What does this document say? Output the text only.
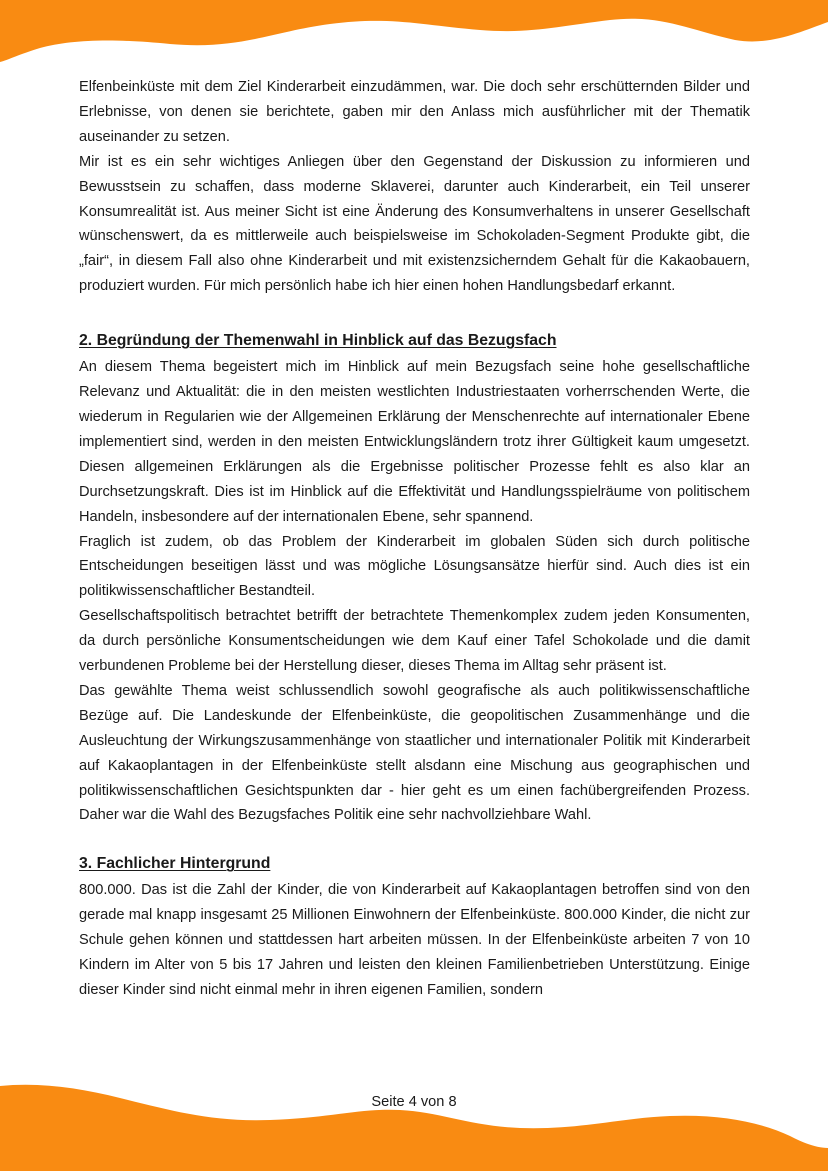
Elfenbeinküste mit dem Ziel Kinderarbeit einzudämmen, war. Die doch sehr erschütternden Bilder und Erlebnisse, von denen sie berichtete, gaben mir den Anlass mich ausführlicher mit der Thematik auseinander zu setzen.

Mir ist es ein sehr wichtiges Anliegen über den Gegenstand der Diskussion zu informieren und Bewusstsein zu schaffen, dass moderne Sklaverei, darunter auch Kinderarbeit, ein Teil unserer Konsumrealität ist. Aus meiner Sicht ist eine Änderung des Konsumverhaltens in unserer Gesellschaft wünschenswert, da es mittlerweile auch beispielsweise im Schokoladen-Segment Produkte gibt, die „fair“, in diesem Fall also ohne Kinderarbeit und mit existenzsicherndem Gehalt für die Kakaobauern, produziert wurden. Für mich persönlich habe ich hier einen hohen Handlungsbedarf erkannt.

2. Begründung der Themenwahl in Hinblick auf das Bezugsfach

An diesem Thema begeistert mich im Hinblick auf mein Bezugsfach seine hohe gesellschaftliche Relevanz und Aktualität: die in den meisten westlichten Industriestaaten vorherrschenden Werte, die wiederum in Regularien wie der Allgemeinen Erklärung der Menschenrechte auf internationaler Ebene implementiert sind, werden in den meisten Entwicklungsländern trotz ihrer Gültigkeit kaum umgesetzt. Diesen allgemeinen Erklärungen als die Ergebnisse politischer Prozesse fehlt es also klar an Durchsetzungskraft. Dies ist im Hinblick auf die Effektivität und Handlungsspielräume von politischem Handeln, insbesondere auf der internationalen Ebene, sehr spannend.

Fraglich ist zudem, ob das Problem der Kinderarbeit im globalen Süden sich durch politische Entscheidungen beseitigen lässt und was mögliche Lösungsansätze hierfür sind. Auch dies ist ein politikwissenschaftlicher Bestandteil.

Gesellschaftspolitisch betrachtet betrifft der betrachtete Themenkomplex zudem jeden Konsumenten, da durch persönliche Konsumentscheidungen wie dem Kauf einer Tafel Schokolade und die damit verbundenen Probleme bei der Herstellung dieser, dieses Thema im Alltag sehr präsent ist.

Das gewählte Thema weist schlussendlich sowohl geografische als auch politikwissenschaftliche Bezüge auf. Die Landeskunde der Elfenbeinküste, die geopolitischen Zusammenhänge und die Ausleuchtung der Wirkungszusammenhänge von staatlicher und internationaler Politik mit Kinderarbeit auf Kakaoplantagen in der Elfenbeinküste stellt alsdann eine Mischung aus geographischen und politikwissenschaftlichen Gesichtspunkten dar - hier geht es um einen fachübergreifenden Prozess. Daher war die Wahl des Bezugsfaches Politik eine sehr nachvollziehbare Wahl.

3. Fachlicher Hintergrund

800.000. Das ist die Zahl der Kinder, die von Kinderarbeit auf Kakaoplantagen betroffen sind von den gerade mal knapp insgesamt 25 Millionen Einwohnern der Elfenbeinküste. 800.000 Kinder, die nicht zur Schule gehen können und stattdessen hart arbeiten müssen. In der Elfenbeinküste arbeiten 7 von 10 Kindern im Alter von 5 bis 17 Jahren und leisten den kleinen Familienbetrieben Unterstützung. Einige dieser Kinder sind nicht einmal mehr in ihren eigenen Familien, sondern

Seite 4 von 8
